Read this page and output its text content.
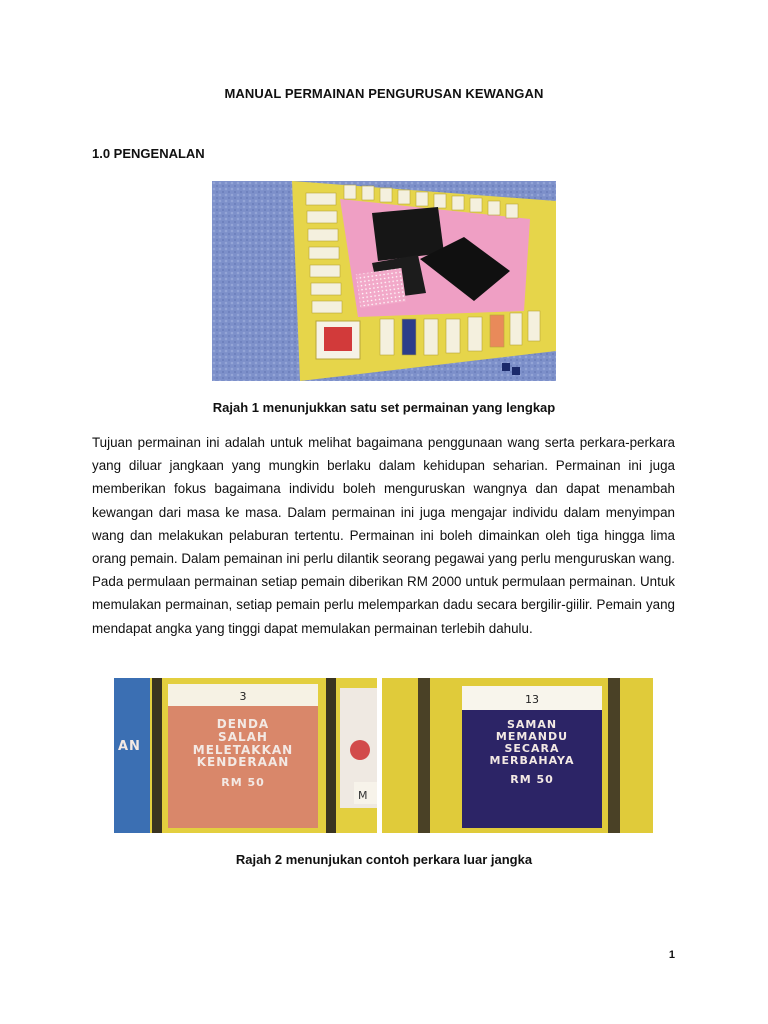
MANUAL PERMAINAN PENGURUSAN KEWANGAN
1.0 PENGENALAN
Rajah 1 menunjukkan satu set permainan yang lengkap

Tujuan permainan ini adalah untuk melihat bagaimana penggunaan wang serta perkara-perkara yang diluar jangkaan yang mungkin berlaku dalam kehidupan seharian. Permainan ini juga memberikan fokus bagaimana individu boleh menguruskan wangnya dan dapat menambah kewangan dari masa ke masa. Dalam permainan ini juga mengajar individu dalam menyimpan wang dan melakukan pelaburan tertentu. Permainan ini boleh dimainkan oleh tiga hingga lima orang pemain. Dalam pemainan ini perlu dilantik seorang pegawai yang perlu menguruskan wang. Pada permulaan permainan setiap pemain diberikan RM 2000 untuk permulaan permainan. Untuk memulakan permainan, setiap pemain perlu melemparkan dadu secara bergilir-giilir. Pemain yang mendapat angka yang tinggi dapat memulakan permainan terlebih dahulu.

AN
3
DENDA
SALAH
MELETAKKAN
KENDERAAN
RM 50
M
13
SAMAN
MEMANDU
SECARA
MERBAHAYA
RM 50
Rajah 2 menunjukan contoh perkara luar jangka
1
